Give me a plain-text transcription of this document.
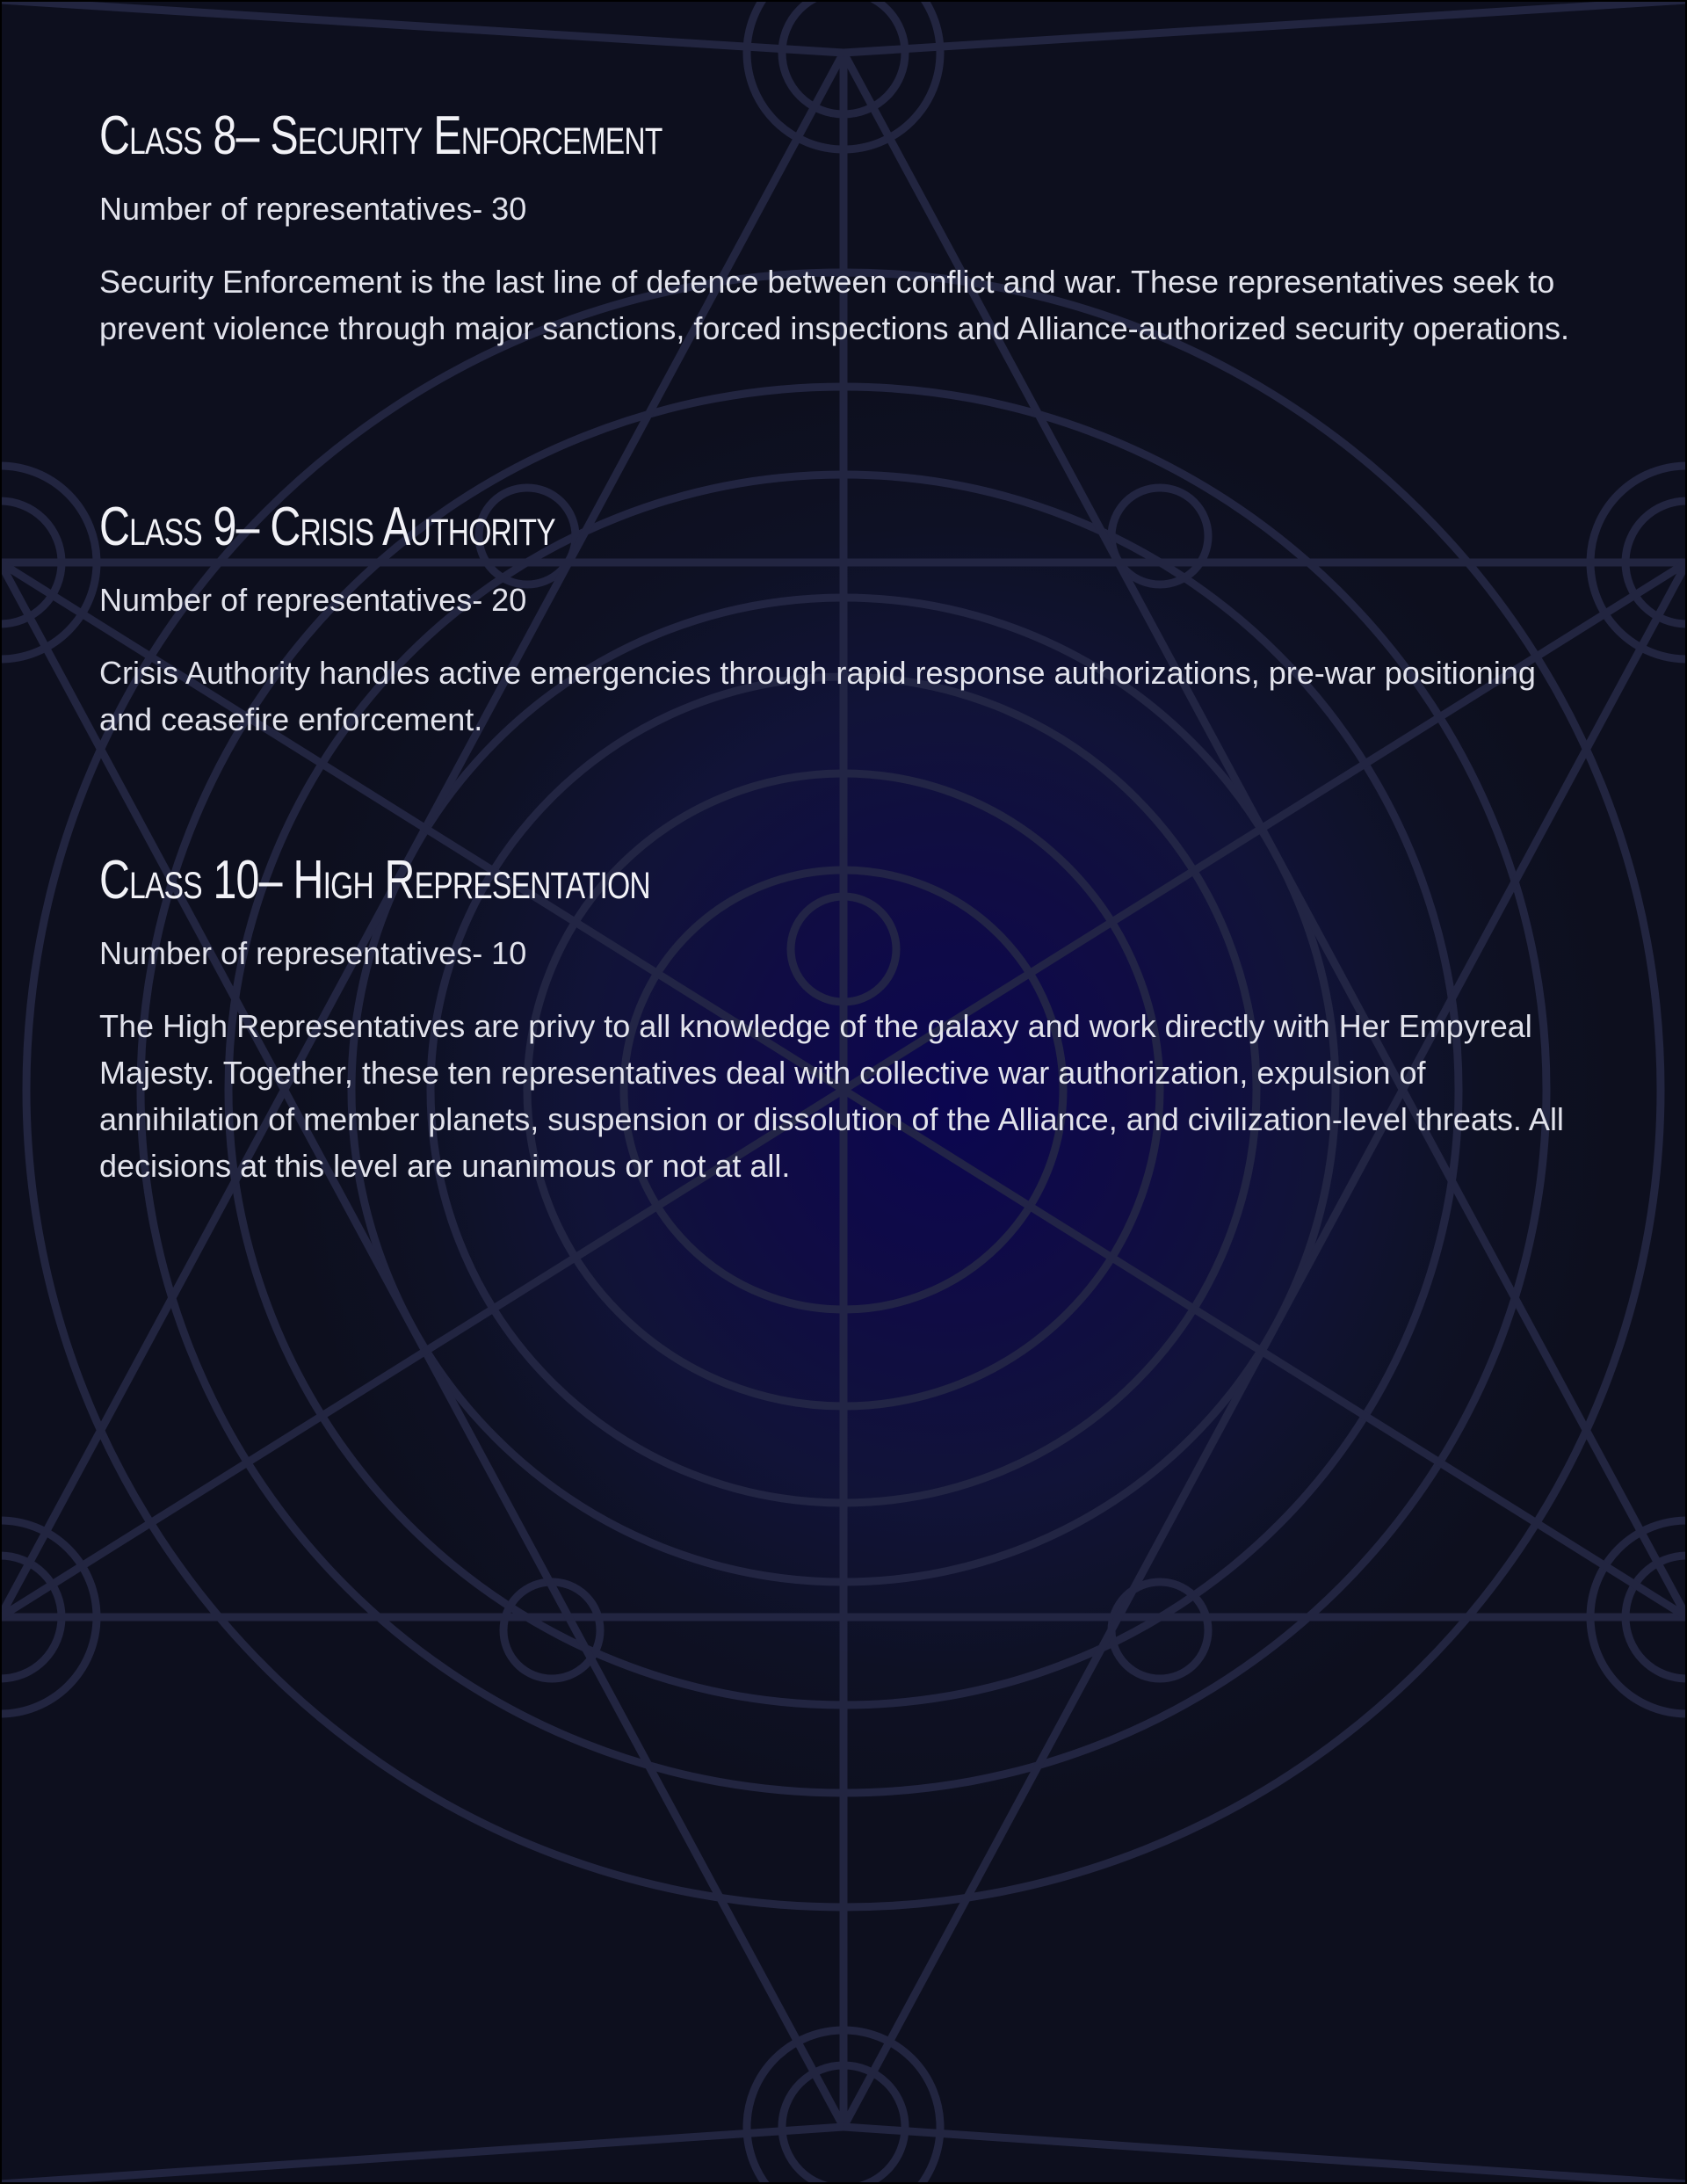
Class 8– Security Enforcement

Number of representatives- 30

Security Enforcement is the last line of defence between conflict and war. These representatives seek to prevent violence through major sanctions, forced inspections and Alliance-authorized security operations.

Class 9– Crisis Authority

Number of representatives- 20

Crisis Authority handles active emergencies through rapid response authorizations, pre-war positioning and ceasefire enforcement.

Class 10– High Representation

Number of representatives- 10

The High Representatives are privy to all knowledge of the galaxy and work directly with Her Empyreal Majesty. Together, these ten representatives deal with collective war authorization, expulsion of annihilation of member planets, suspension or dissolution of the Alliance, and civilization-level threats. All decisions at this level are unanimous or not at all.
